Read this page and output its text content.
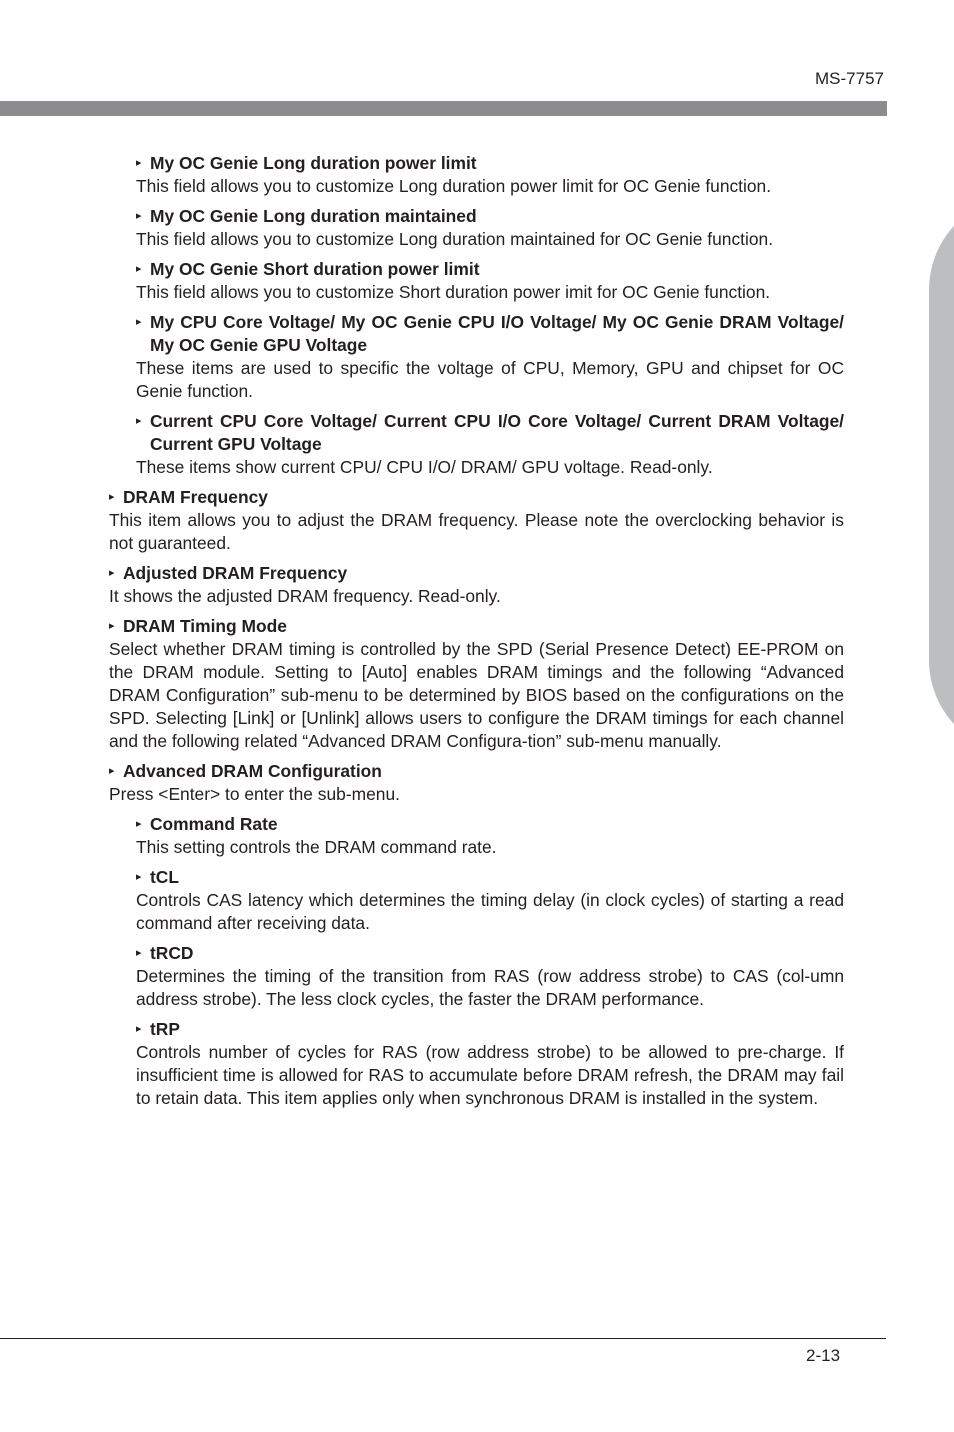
MS-7757
Chapter 2
▸ My OC Genie Long duration power limit
This field allows you to customize Long duration power limit for OC Genie function.
▸ My OC Genie Long duration maintained
This field allows you to customize Long duration maintained for OC Genie function.
▸ My OC Genie Short duration power limit
This field allows you to customize Short duration power imit for OC Genie function.
▸ My CPU Core Voltage/ My OC Genie CPU I/O Voltage/ My OC Genie DRAM Voltage/ My OC Genie GPU Voltage
These items are used to specific the voltage of CPU, Memory, GPU and chipset for OC Genie function.
▸ Current CPU Core Voltage/ Current CPU I/O Core Voltage/ Current DRAM Voltage/ Current GPU Voltage
These items show current CPU/ CPU I/O/ DRAM/ GPU voltage. Read-only.
▸ DRAM Frequency
This item allows you to adjust the DRAM frequency. Please note the overclocking behavior is not guaranteed.
▸ Adjusted DRAM Frequency
It shows the adjusted DRAM frequency. Read-only.
▸ DRAM Timing Mode
Select whether DRAM timing is controlled by the SPD (Serial Presence Detect) EE-PROM on the DRAM module. Setting to [Auto] enables DRAM timings and the following “Advanced DRAM Configuration” sub-menu to be determined by BIOS based on the configurations on the SPD. Selecting [Link] or [Unlink] allows users to configure the DRAM timings for each channel and the following related “Advanced DRAM Configura-tion” sub-menu manually.
▸ Advanced DRAM Configuration
Press <Enter> to enter the sub-menu.
▸ Command Rate
This setting controls the DRAM command rate.
▸ tCL
Controls CAS latency which determines the timing delay (in clock cycles) of starting a read command after receiving data.
▸ tRCD
Determines the timing of the transition from RAS (row address strobe) to CAS (col-umn address strobe). The less clock cycles, the faster the DRAM performance.
▸ tRP
Controls number of cycles for RAS (row address strobe) to be allowed to pre-charge. If insufficient time is allowed for RAS to accumulate before DRAM refresh, the DRAM may fail to retain data. This item applies only when synchronous DRAM is installed in the system.
2-13
